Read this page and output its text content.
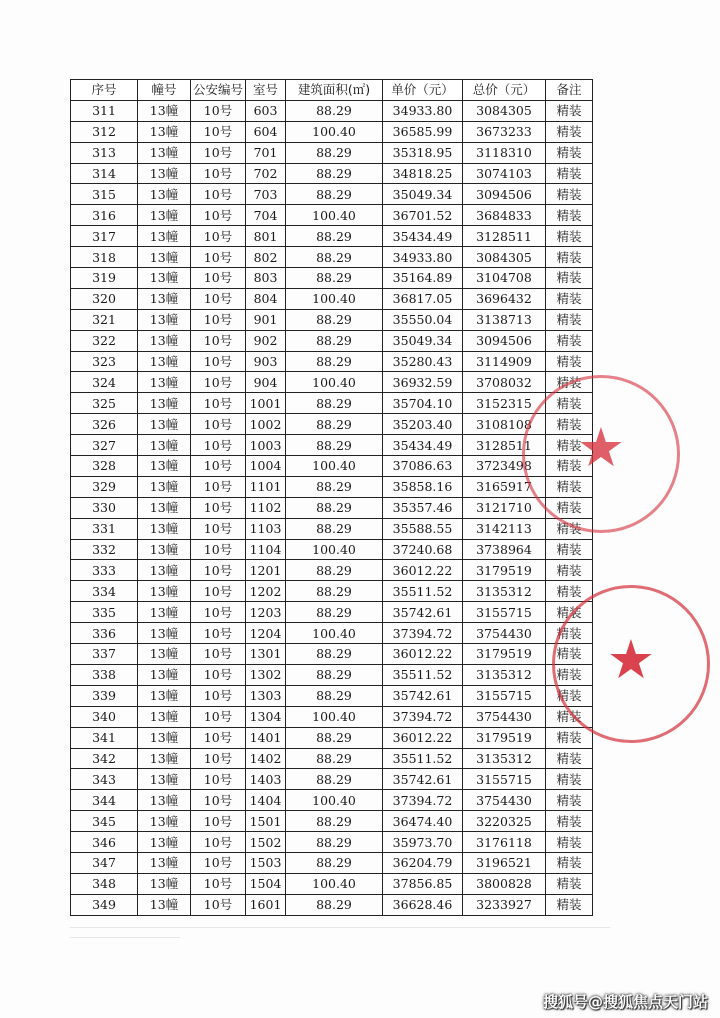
序号	幢号	公安编号	室号	建筑面积(㎡)	单价（元）	总价（元）	备注
311	13幢	10号	603	88.29	34933.80	3084305	精装
312	13幢	10号	604	100.40	36585.99	3673233	精装
313	13幢	10号	701	88.29	35318.95	3118310	精装
314	13幢	10号	702	88.29	34818.25	3074103	精装
315	13幢	10号	703	88.29	35049.34	3094506	精装
316	13幢	10号	704	100.40	36701.52	3684833	精装
317	13幢	10号	801	88.29	35434.49	3128511	精装
318	13幢	10号	802	88.29	34933.80	3084305	精装
319	13幢	10号	803	88.29	35164.89	3104708	精装
320	13幢	10号	804	100.40	36817.05	3696432	精装
321	13幢	10号	901	88.29	35550.04	3138713	精装
322	13幢	10号	902	88.29	35049.34	3094506	精装
323	13幢	10号	903	88.29	35280.43	3114909	精装
324	13幢	10号	904	100.40	36932.59	3708032	精装
325	13幢	10号	1001	88.29	35704.10	3152315	精装
326	13幢	10号	1002	88.29	35203.40	3108108	精装
327	13幢	10号	1003	88.29	35434.49	3128511	精装
328	13幢	10号	1004	100.40	37086.63	3723498	精装
329	13幢	10号	1101	88.29	35858.16	3165917	精装
330	13幢	10号	1102	88.29	35357.46	3121710	精装
331	13幢	10号	1103	88.29	35588.55	3142113	精装
332	13幢	10号	1104	100.40	37240.68	3738964	精装
333	13幢	10号	1201	88.29	36012.22	3179519	精装
334	13幢	10号	1202	88.29	35511.52	3135312	精装
335	13幢	10号	1203	88.29	35742.61	3155715	精装
336	13幢	10号	1204	100.40	37394.72	3754430	精装
337	13幢	10号	1301	88.29	36012.22	3179519	精装
338	13幢	10号	1302	88.29	35511.52	3135312	精装
339	13幢	10号	1303	88.29	35742.61	3155715	精装
340	13幢	10号	1304	100.40	37394.72	3754430	精装
341	13幢	10号	1401	88.29	36012.22	3179519	精装
342	13幢	10号	1402	88.29	35511.52	3135312	精装
343	13幢	10号	1403	88.29	35742.61	3155715	精装
344	13幢	10号	1404	100.40	37394.72	3754430	精装
345	13幢	10号	1501	88.29	36474.40	3220325	精装
346	13幢	10号	1502	88.29	35973.70	3176118	精装
347	13幢	10号	1503	88.29	36204.79	3196521	精装
348	13幢	10号	1504	100.40	37856.85	3800828	精装
349	13幢	10号	1601	88.29	36628.46	3233927	精装
★
★
搜狐号@搜狐焦点天门站
